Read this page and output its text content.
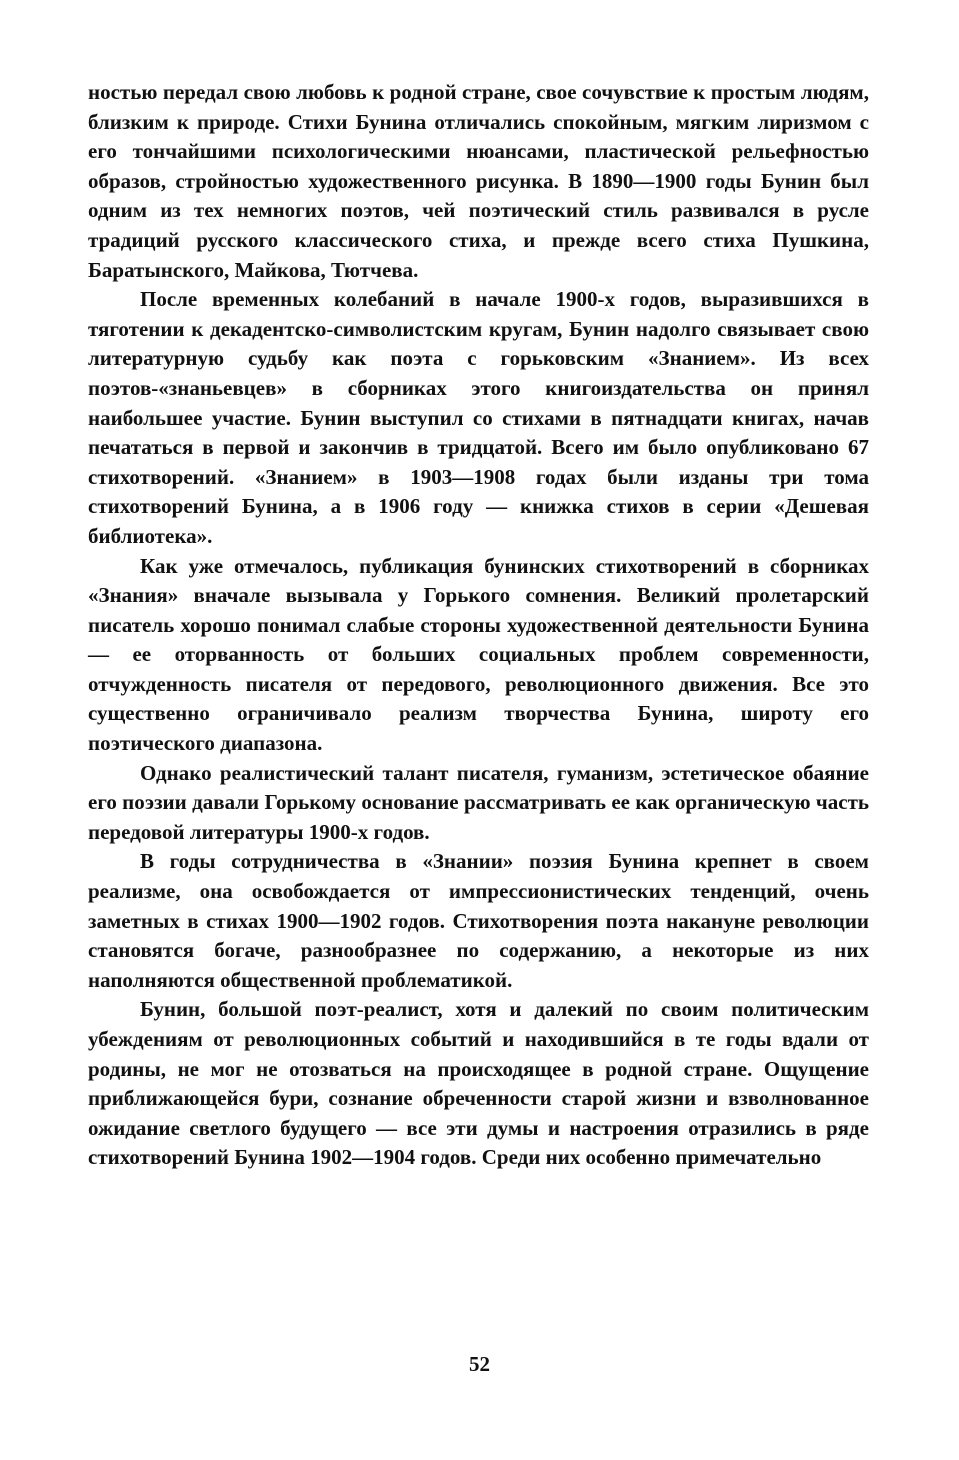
ностью передал свою любовь к родной стране, свое сочувствие к простым людям, близким к природе. Стихи Бунина отличались спокойным, мягким лиризмом с его тончайшими психологическими нюансами, пластической рельефностью образов, стройностью художественного рисунка. В 1890—1900 годы Бунин был одним из тех немногих поэтов, чей поэтический стиль развивался в русле традиций русского классического стиха, и прежде всего стиха Пушкина, Баратынского, Майкова, Тютчева.

После временных колебаний в начале 1900-х годов, выразившихся в тяготении к декадентско-символистским кругам, Бунин надолго связывает свою литературную судьбу как поэта с горьковским «Знанием». Из всех поэтов-«знаньевцев» в сборниках этого книгоиздательства он принял наибольшее участие. Бунин выступил со стихами в пятнадцати книгах, начав печататься в первой и закончив в тридцатой. Всего им было опубликовано 67 стихотворений. «Знанием» в 1903—1908 годах были изданы три тома стихотворений Бунина, а в 1906 году — книжка стихов в серии «Дешевая библиотека».

Как уже отмечалось, публикация бунинских стихотворений в сборниках «Знания» вначале вызывала у Горького сомнения. Великий пролетарский писатель хорошо понимал слабые стороны художественной деятельности Бунина — ее оторванность от больших социальных проблем современности, отчужденность писателя от передового, революционного движения. Все это существенно ограничивало реализм творчества Бунина, широту его поэтического диапазона.

Однако реалистический талант писателя, гуманизм, эстетическое обаяние его поэзии давали Горькому основание рассматривать ее как органическую часть передовой литературы 1900-х годов.

В годы сотрудничества в «Знании» поэзия Бунина крепнет в своем реализме, она освобождается от импрессионистических тенденций, очень заметных в стихах 1900—1902 годов. Стихотворения поэта накануне революции становятся богаче, разнообразнее по содержанию, а некоторые из них наполняются общественной проблематикой.

Бунин, большой поэт-реалист, хотя и далекий по своим политическим убеждениям от революционных событий и находившийся в те годы вдали от родины, не мог не отозваться на происходящее в родной стране. Ощущение приближающейся бури, сознание обреченности старой жизни и взволнованное ожидание светлого будущего — все эти думы и настроения отразились в ряде стихотворений Бунина 1902—1904 годов. Среди них особенно примечательно

52
